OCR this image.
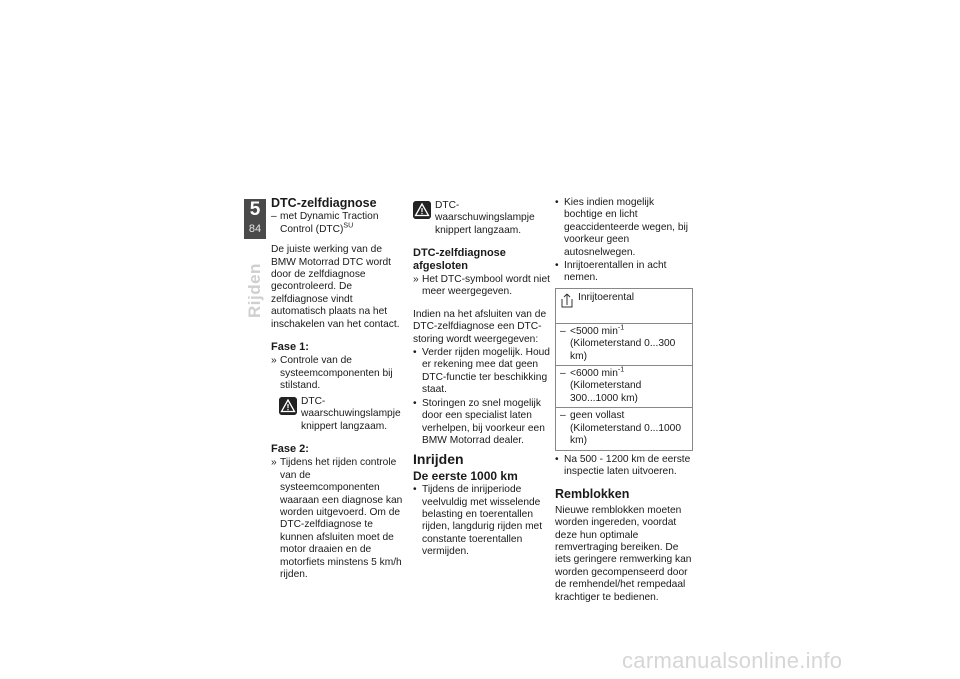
5
84
Rijden
DTC-zelfdiagnose
– met Dynamic Traction Control (DTC)$^{SU}$

De juiste werking van de BMW Motorrad DTC wordt door de zelfdiagnose gecontroleerd. De zelfdiagnose vindt automatisch plaats na het inschakelen van het contact.

Fase 1:
» Controle van de systeemcomponenten bij stilstand.
DTC-waarschuwingslampje knippert langzaam.
Fase 2:
» Tijdens het rijden controle van de systeemcomponenten waaraan een diagnose kan worden uitgevoerd. Om de DTC-zelfdiagnose te kunnen afsluiten moet de motor draaien en de motorfiets minstens 5 km/h rijden.
DTC-waarschuwingslampje knippert langzaam.
DTC-zelfdiagnose afgesloten
» Het DTC-symbool wordt niet meer weergegeven.

Indien na het afsluiten van de DTC-zelfdiagnose een DTC-storing wordt weergegeven:

• Verder rijden mogelijk. Houd er rekening mee dat geen DTC-functie ter beschikking staat.
• Storingen zo snel mogelijk door een specialist laten verhelpen, bij voorkeur een BMW Motorrad dealer.
Inrijden
De eerste 1000 km
• Tijdens de inrijperiode veelvuldig met wisselende belasting en toerentallen rijden, langdurig rijden met constante toerentallen vermijden.
• Kies indien mogelijk bochtige en licht geaccidenteerde wegen, bij voorkeur geen autosnelwegen.
• Inrijtoerentallen in acht nemen.
Inrijtoerental
– <5000 $\min^{-1}$ (Kilometerstand 0...300 km)
– <6000 $\min^{-1}$ (Kilometerstand 300...1000 km)
– geen vollast (Kilometerstand 0...1000 km)
• Na 500 - 1200 km de eerste inspectie laten uitvoeren.
Remblokken

Nieuwe remblokken moeten worden ingereden, voordat deze hun optimale remvertraging bereiken. De iets geringere remwerking kan worden gecompenseerd door de remhendel/het rempedaal krachtiger te bedienen.

carmanualsonline.info
